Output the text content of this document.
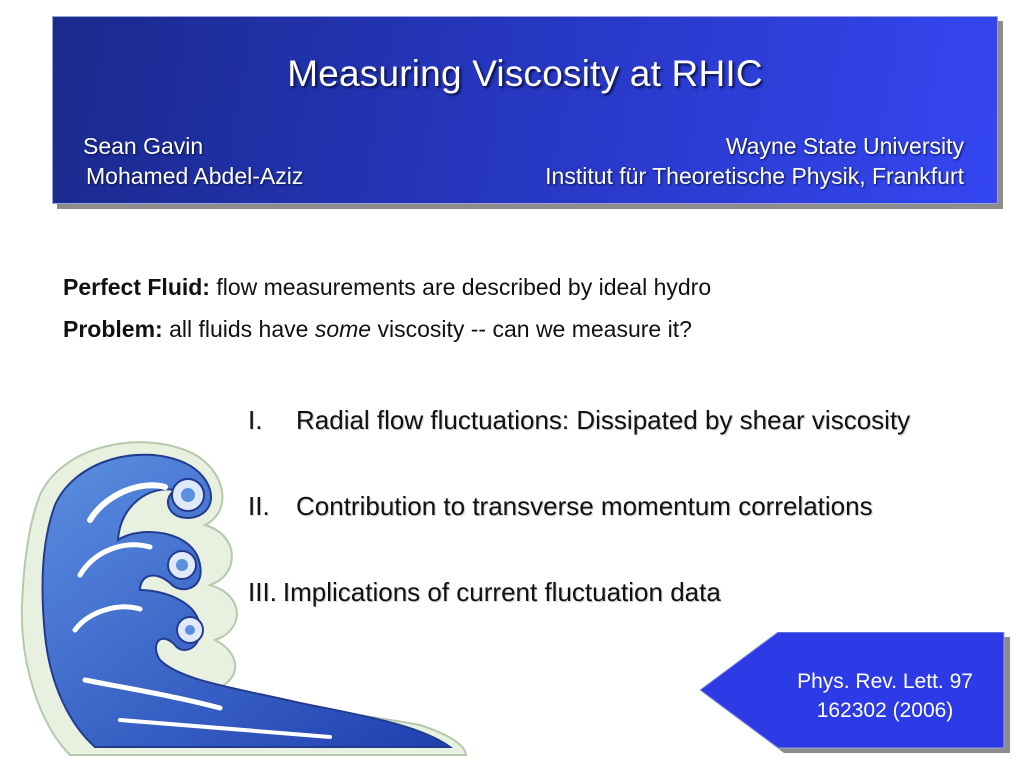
Measuring Viscosity at RHIC
Sean Gavin
Mohamed Abdel-Aziz
Wayne State University
Institut für Theoretische Physik, Frankfurt
Perfect Fluid: flow measurements are described by ideal hydro
Problem: all fluids have some viscosity -- can we measure it?
I. Radial flow fluctuations: Dissipated by shear viscosity
II. Contribution to transverse momentum correlations
III. Implications of current fluctuation data
Phys. Rev. Lett. 97
162302 (2006)
